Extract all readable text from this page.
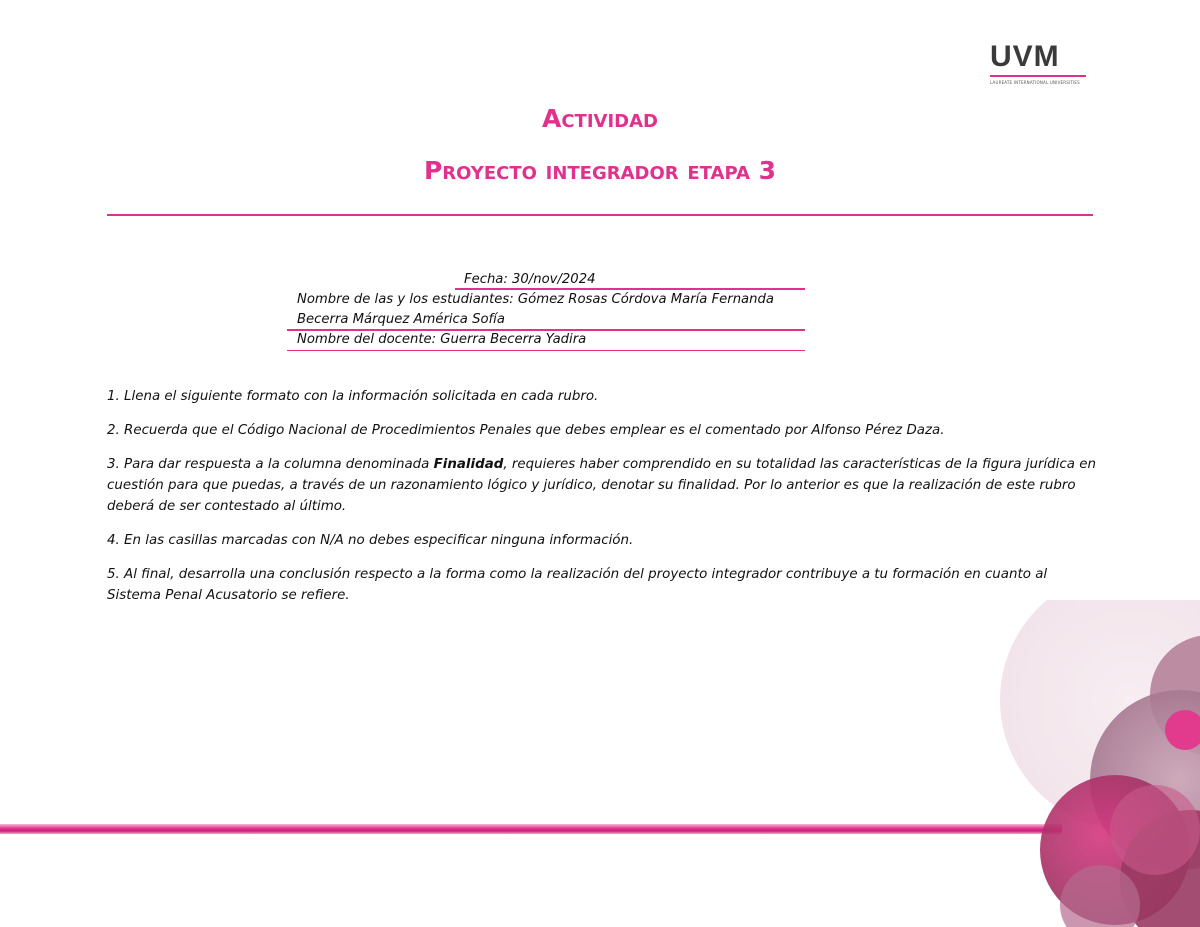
UVM
LAUREATE INTERNATIONAL UNIVERSITIES
Actividad
Proyecto integrador etapa 3
Fecha: 30/nov/2024
Nombre de las y los estudiantes: Gómez Rosas Córdova María Fernanda
Becerra Márquez América Sofía
Nombre del docente: Guerra Becerra Yadira

1. Llena el siguiente formato con la información solicitada en cada rubro.

2. Recuerda que el Código Nacional de Procedimientos Penales que debes emplear es el comentado por Alfonso Pérez Daza.

3. Para dar respuesta a la columna denominada Finalidad, requieres haber comprendido en su totalidad las características de la figura jurídica en cuestión para que puedas, a través de un razonamiento lógico y jurídico, denotar su finalidad. Por lo anterior es que la realización de este rubro deberá de ser contestado al último.

4. En las casillas marcadas con N/A no debes especificar ninguna información.

5. Al final, desarrolla una conclusión respecto a la forma como la realización del proyecto integrador contribuye a tu formación en cuanto al Sistema Penal Acusatorio se refiere.
